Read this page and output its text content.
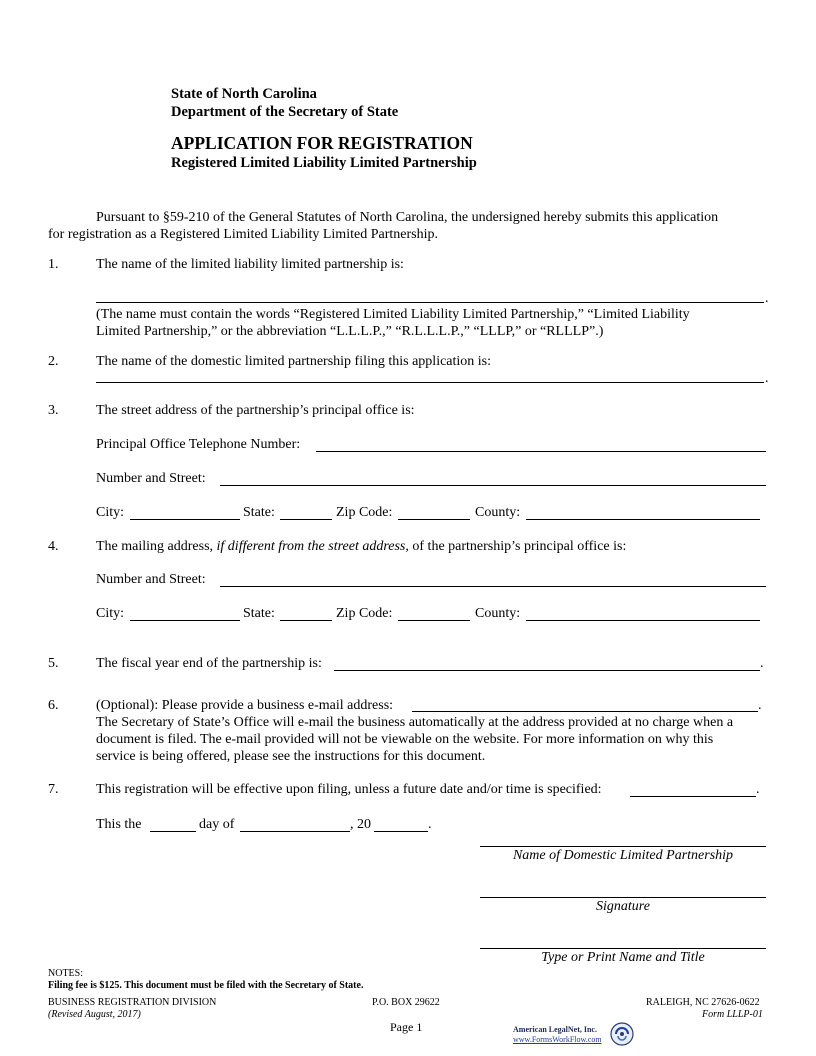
State of North Carolina
Department of the Secretary of State
APPLICATION FOR REGISTRATION
Registered Limited Liability Limited Partnership
Pursuant to §59-210 of the General Statutes of North Carolina, the undersigned hereby submits this application
for registration as a Registered Limited Liability Limited Partnership.
1.	The name of the limited liability limited partnership is:
.
(The name must contain the words “Registered Limited Liability Limited Partnership,” “Limited Liability
Limited Partnership,” or the abbreviation “L.L.L.P.,” “R.L.L.L.P.,” “LLLP,” or “RLLLP”.)
2.	The name of the domestic limited partnership filing this application is:
.
3.	The street address of the partnership’s principal office is:
Principal Office Telephone Number:
Number and Street:
City:	State:	Zip Code:	County:
4.	The mailing address, if different from the street address, of the partnership’s principal office is:
Number and Street:
City:	State:	Zip Code:	County:
5.	The fiscal year end of the partnership is:	.
6.	(Optional): Please provide a business e-mail address:	.
The Secretary of State’s Office will e-mail the business automatically at the address provided at no charge when a
document is filed. The e-mail provided will not be viewable on the website. For more information on why this
service is being offered, please see the instructions for this document.
7.	This registration will be effective upon filing, unless a future date and/or time is specified:	.
This the	day of	, 20	.
Name of Domestic Limited Partnership
Signature
Type or Print Name and Title
NOTES:
Filing fee is $125. This document must be filed with the Secretary of State.
BUSINESS REGISTRATION DIVISION	P.O. BOX 29622	RALEIGH, NC 27626-0622
(Revised August, 2017)	Form LLLP-01
Page 1	American LegalNet, Inc.
www.FormsWorkFlow.com
